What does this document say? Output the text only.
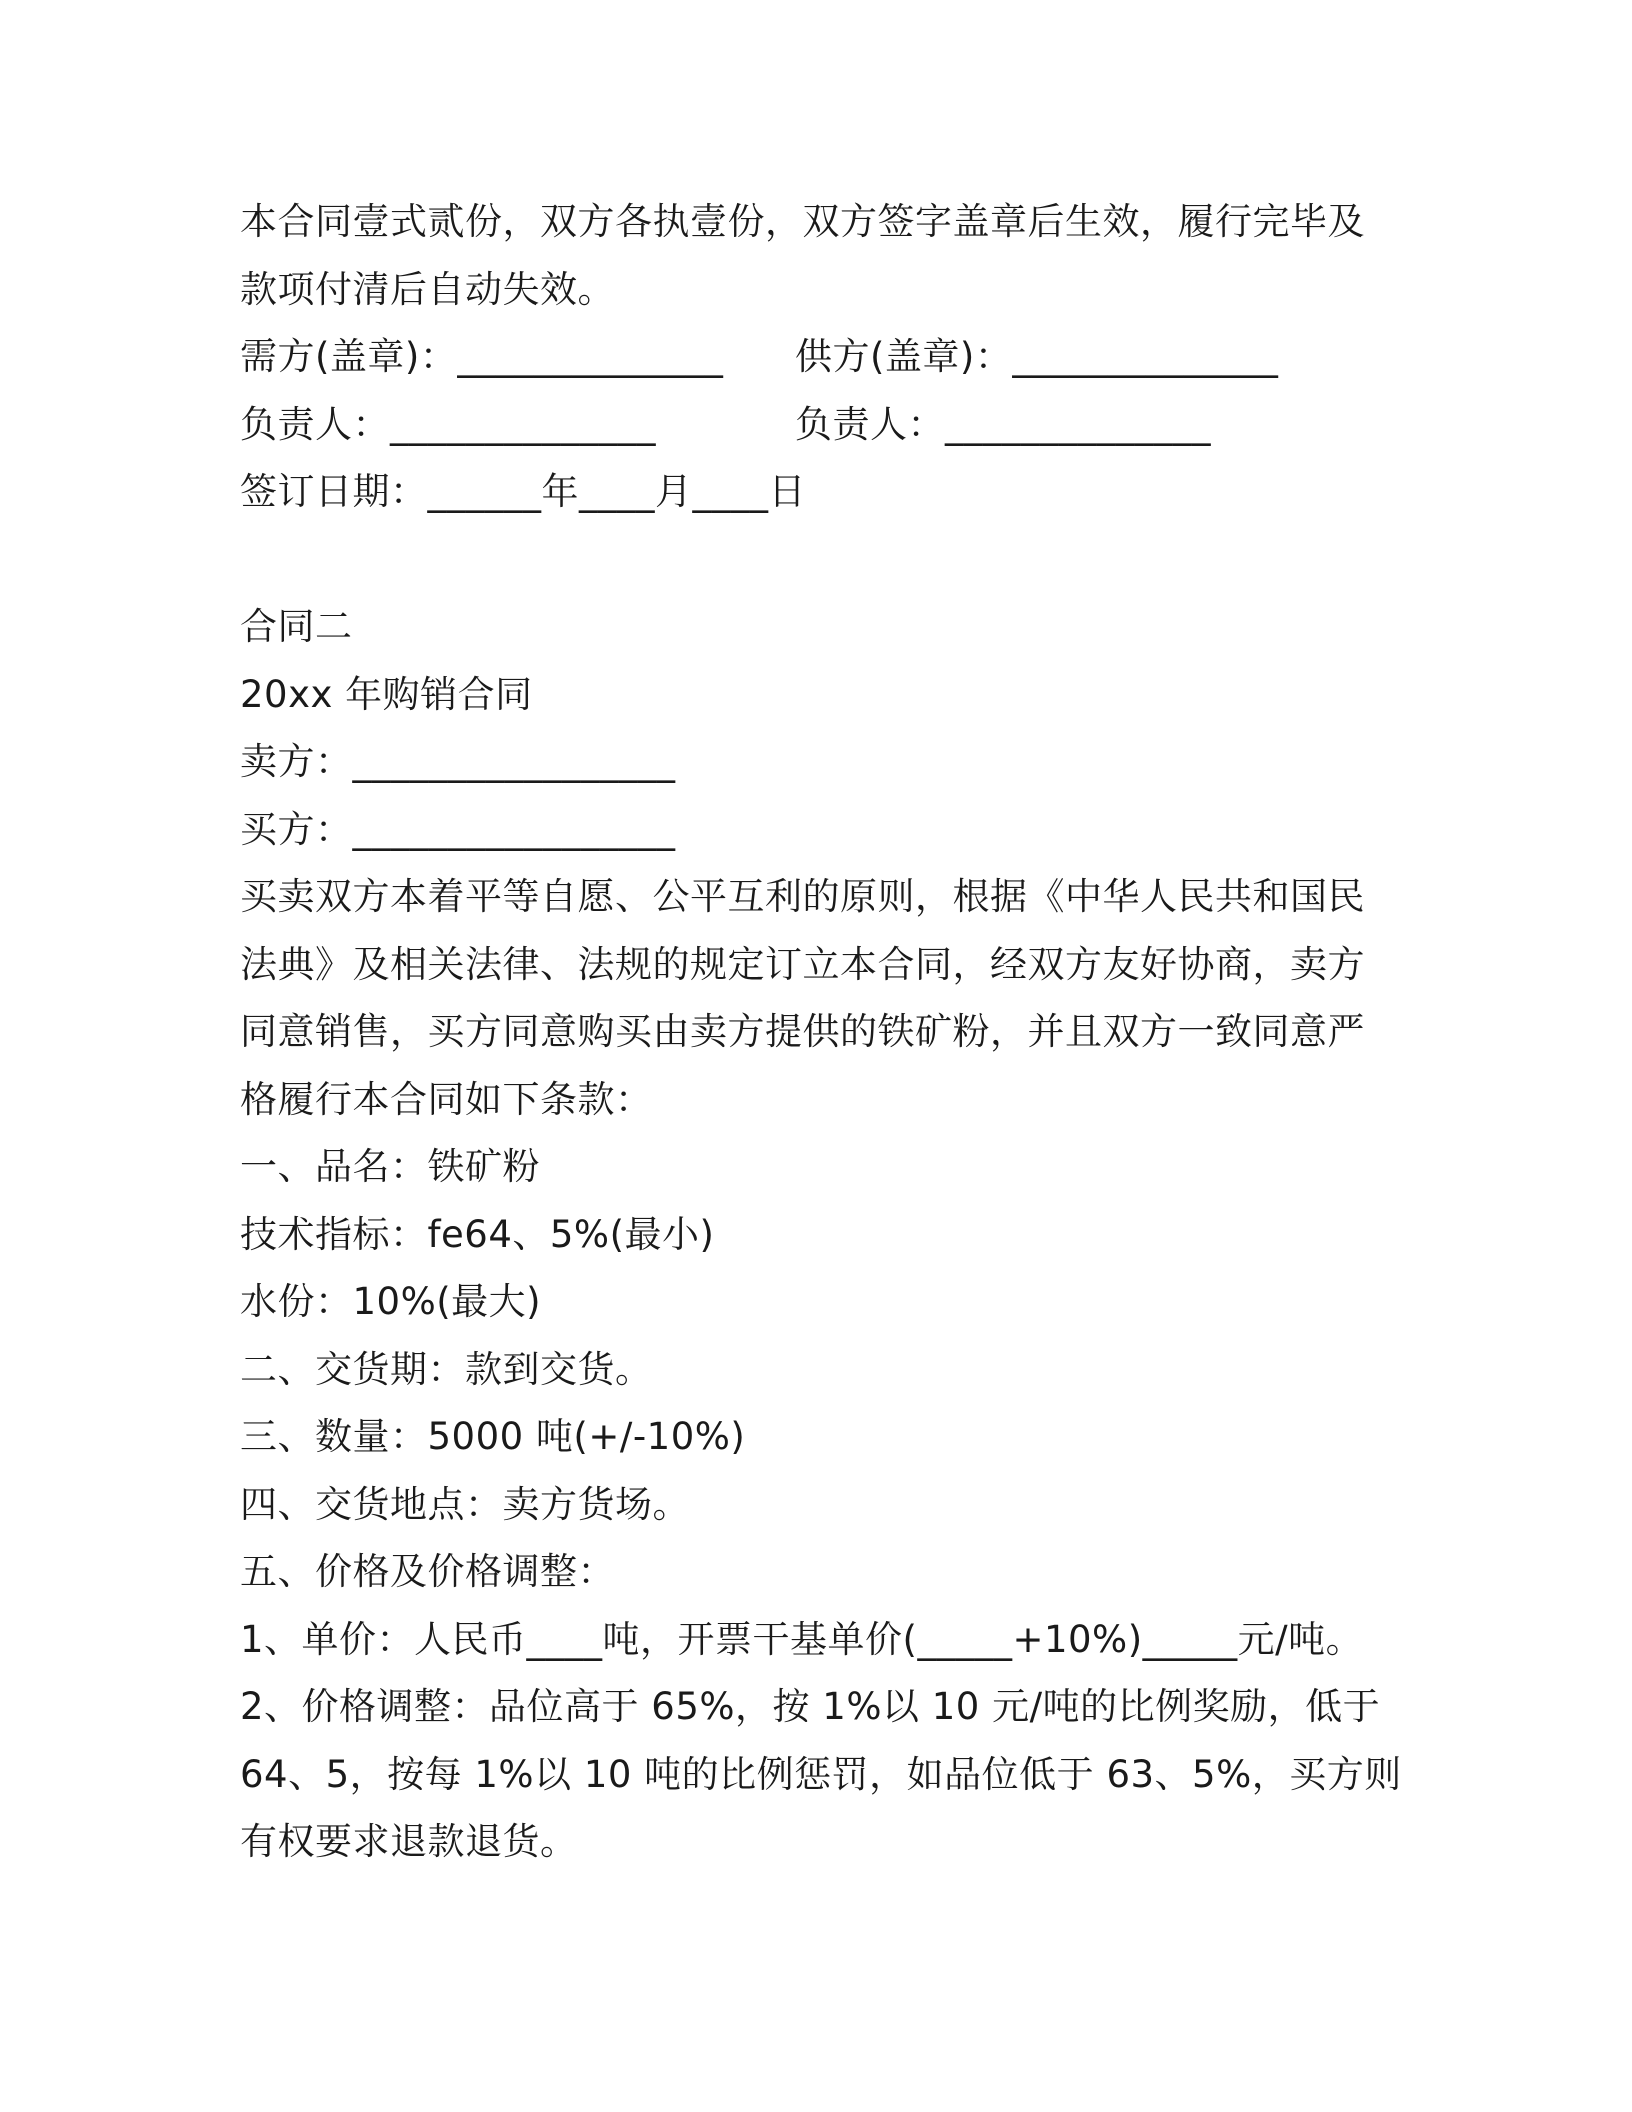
本合同壹式贰份，双方各执壹份，双方签字盖章后生效，履行完毕及
款项付清后自动失效。
需方(盖章)：______________ 供方(盖章)：______________
负责人：______________	负责人：______________
签订日期：______年____月____日
合同二
20xx 年购销合同
卖方：_________________
买方：_________________
买卖双方本着平等自愿、公平互利的原则，根据《中华人民共和国民
法典》及相关法律、法规的规定订立本合同，经双方友好协商，卖方
同意销售，买方同意购买由卖方提供的铁矿粉，并且双方一致同意严
格履行本合同如下条款：
一、品名：铁矿粉
技术指标：fe64、5%(最小)
水份：10%(最大)
二、交货期：款到交货。
三、数量：5000 吨(+/-10%)
四、交货地点：卖方货场。
五、价格及价格调整：
1、单价：人民币____吨，开票干基单价(_____+10%)_____元/吨。
2、价格调整：品位高于 65%，按 1%以 10 元/吨的比例奖励，低于
64、5，按每 1%以 10 吨的比例惩罚，如品位低于 63、5%，买方则
有权要求退款退货。
